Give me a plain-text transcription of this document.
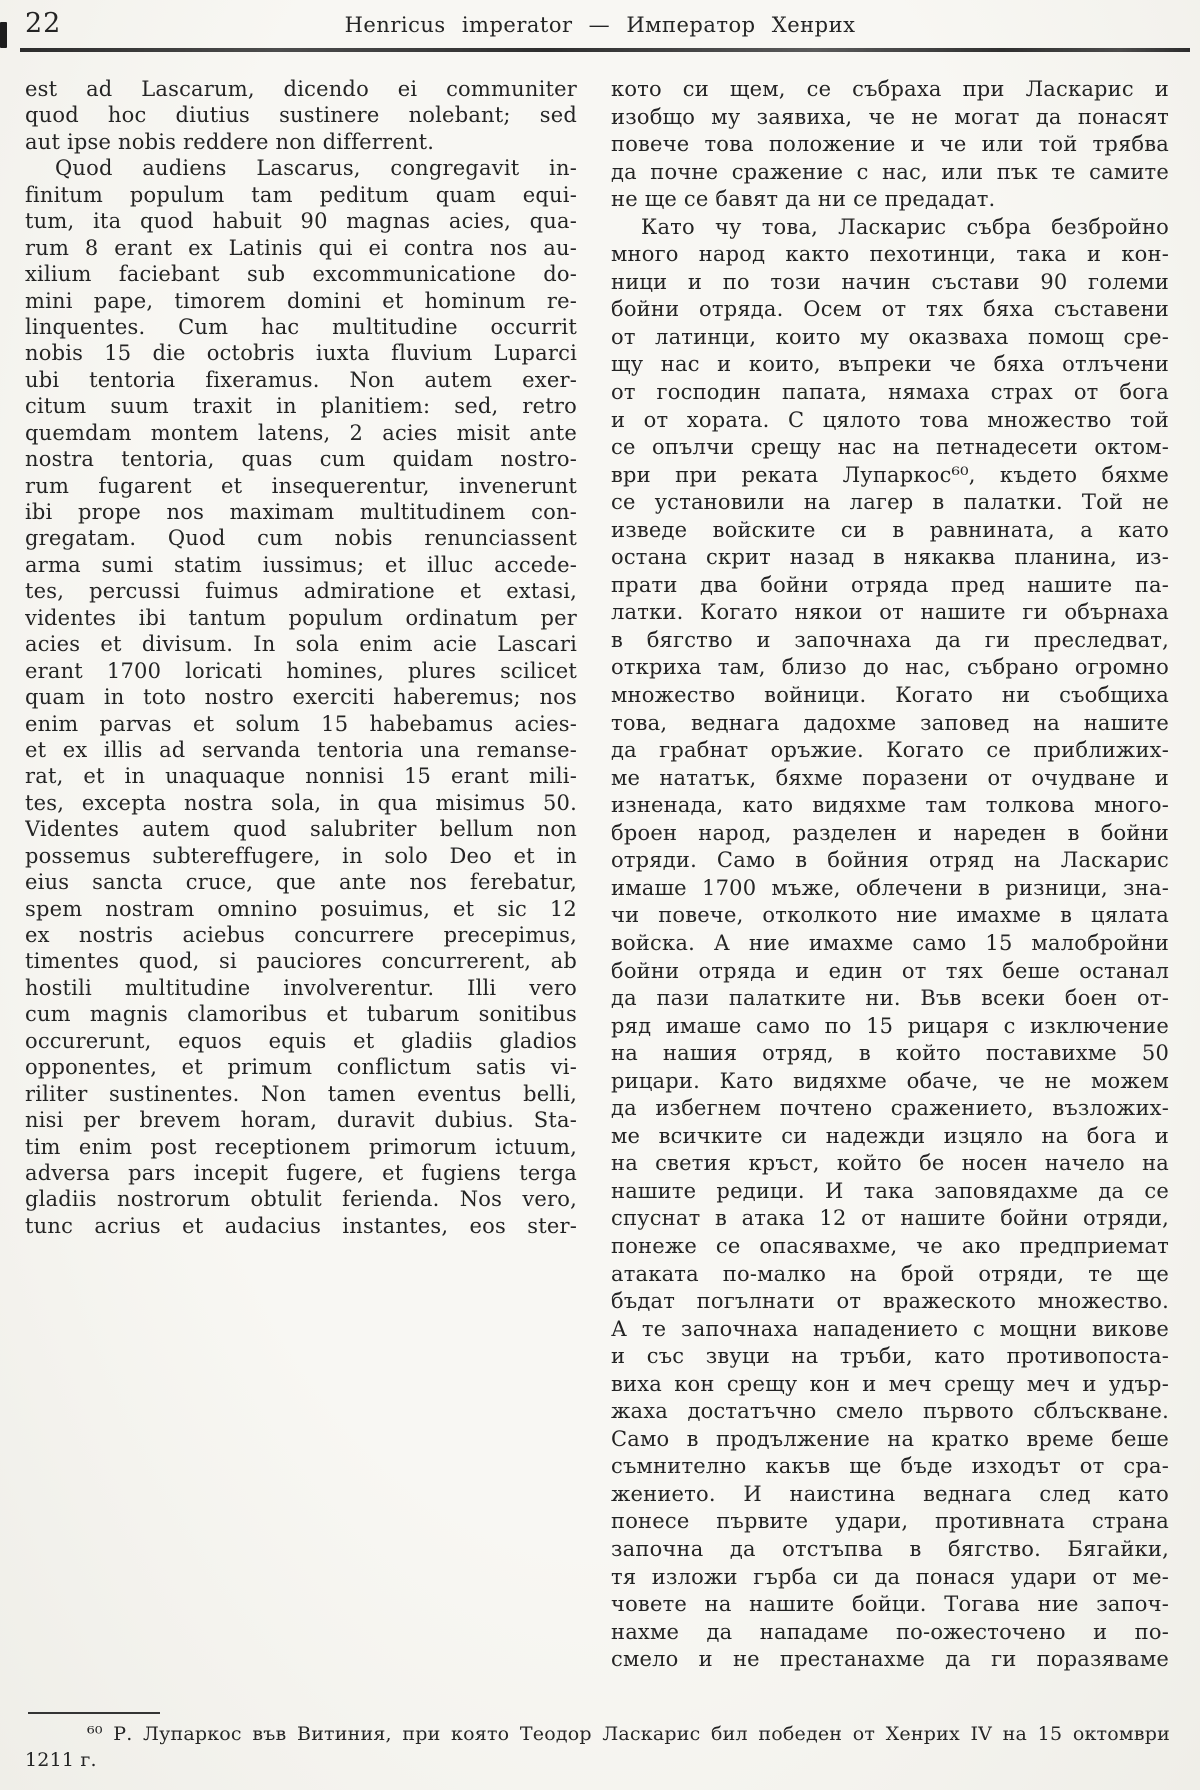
22	Henricus imperator — Император Хенрих
est ad Lascarum, dicendo ei communiter
quod hoc diutius sustinere nolebant; sed
aut ipse nobis reddere non differrent.
Quod audiens Lascarus, congregavit in-
finitum populum tam peditum quam equi-
tum, ita quod habuit 90 magnas acies, qua-
rum 8 erant ex Latinis qui ei contra nos au-
xilium faciebant sub excommunicatione do-
mini pape, timorem domini et hominum re-
linquentes. Cum hac multitudine occurrit
nobis 15 die octobris iuxta fluvium Luparci
ubi tentoria fixeramus. Non autem exer-
citum suum traxit in planitiem: sed, retro
quemdam montem latens, 2 acies misit ante
nostra tentoria, quas cum quidam nostro-
rum fugarent et insequerentur, invenerunt
ibi prope nos maximam multitudinem con-
gregatam. Quod cum nobis renunciassent
arma sumi statim iussimus; et illuc accede-
tes, percussi fuimus admiratione et extasi,
videntes ibi tantum populum ordinatum per
acies et divisum. In sola enim acie Lascari
erant 1700 loricati homines, plures scilicet
quam in toto nostro exerciti haberemus; nos
enim parvas et solum 15 habebamus acies-
et ex illis ad servanda tentoria una remanse-
rat, et in unaquaque nonnisi 15 erant mili-
tes, excepta nostra sola, in qua misimus 50.
Videntes autem quod salubriter bellum non
possemus subtereffugere, in solo Deo et in
eius sancta cruce, que ante nos ferebatur,
spem nostram omnino posuimus, et sic 12
ex nostris aciebus concurrere precepimus,
timentes quod, si pauciores concurrerent, ab
hostili multitudine involverentur. Illi vero
cum magnis clamoribus et tubarum sonitibus
occurerunt, equos equis et gladiis gladios
opponentes, et primum conflictum satis vi-
riliter sustinentes. Non tamen eventus belli,
nisi per brevem horam, duravit dubius. Sta-
tim enim post receptionem primorum ictuum,
adversa pars incepit fugere, et fugiens terga
gladiis nostrorum obtulit ferienda. Nos vero,
tunc acrius et audacius instantes, eos ster-
кото си щем, се събраха при Ласкарис и
изобщо му заявиха, че не могат да понасят
повече това положение и че или той трябва
да почне сражение с нас, или пък те самите
не ще се бавят да ни се предадат.
Като чу това, Ласкарис събра безбройно
много народ както пехотинци, така и кон-
ници и по този начин състави 90 големи
бойни отряда. Осем от тях бяха съставени
от латинци, които му оказваха помощ сре-
щу нас и които, въпреки че бяха отлъчени
от господин папата, нямаха страх от бога
и от хората. С цялото това множество той
се опълчи срещу нас на петнадесети октом-
ври при реката Лупаркос⁶⁰, където бяхме
се установили на лагер в палатки. Той не
изведе войските си в равнината, а като
остана скрит назад в някаква планина, из-
прати два бойни отряда пред нашите па-
латки. Когато някои от нашите ги обърнаха
в бягство и започнаха да ги преследват,
откриха там, близо до нас, събрано огромно
множество войници. Когато ни съобщиха
това, веднага дадохме заповед на нашите
да грабнат оръжие. Когато се приближих-
ме нататък, бяхме поразени от очудване и
изненада, като видяхме там толкова много-
броен народ, разделен и нареден в бойни
отряди. Само в бойния отряд на Ласкарис
имаше 1700 мъже, облечени в ризници, зна-
чи повече, отколкото ние имахме в цялата
войска. А ние имахме само 15 малобройни
бойни отряда и един от тях беше останал
да пази палатките ни. Във всеки боен от-
ряд имаше само по 15 рицаря с изключение
на нашия отряд, в който поставихме 50
рицари. Като видяхме обаче, че не можем
да избегнем почтено сражението, възложих-
ме всичките си надежди изцяло на бога и
на светия кръст, който бе носен начело на
нашите редици. И така заповядахме да се
спуснат в атака 12 от нашите бойни отряди,
понеже се опасявахме, че ако предприемат
атаката по-малко на брой отряди, те ще
бъдат погълнати от вражеското множество.
А те започнаха нападението с мощни викове
и със звуци на тръби, като противопоста-
виха кон срещу кон и меч срещу меч и удър-
жаха достатъчно смело първото сблъскване.
Само в продължение на кратко време беше
съмнително какъв ще бъде изходът от сра-
жението. И наистина веднага след като
понесе първите удари, противната страна
започна да отстъпва в бягство. Бягайки,
тя изложи гърба си да понася удари от ме-
човете на нашите бойци. Тогава ние започ-
нахме да нападаме по-ожесточено и по-
смело и не престанахме да ги поразяваме
⁶⁰ Р. Лупаркос във Витиния, при която Теодор Ласкарис бил победен от Хенрих IV на 15 октомври
1211 г.
